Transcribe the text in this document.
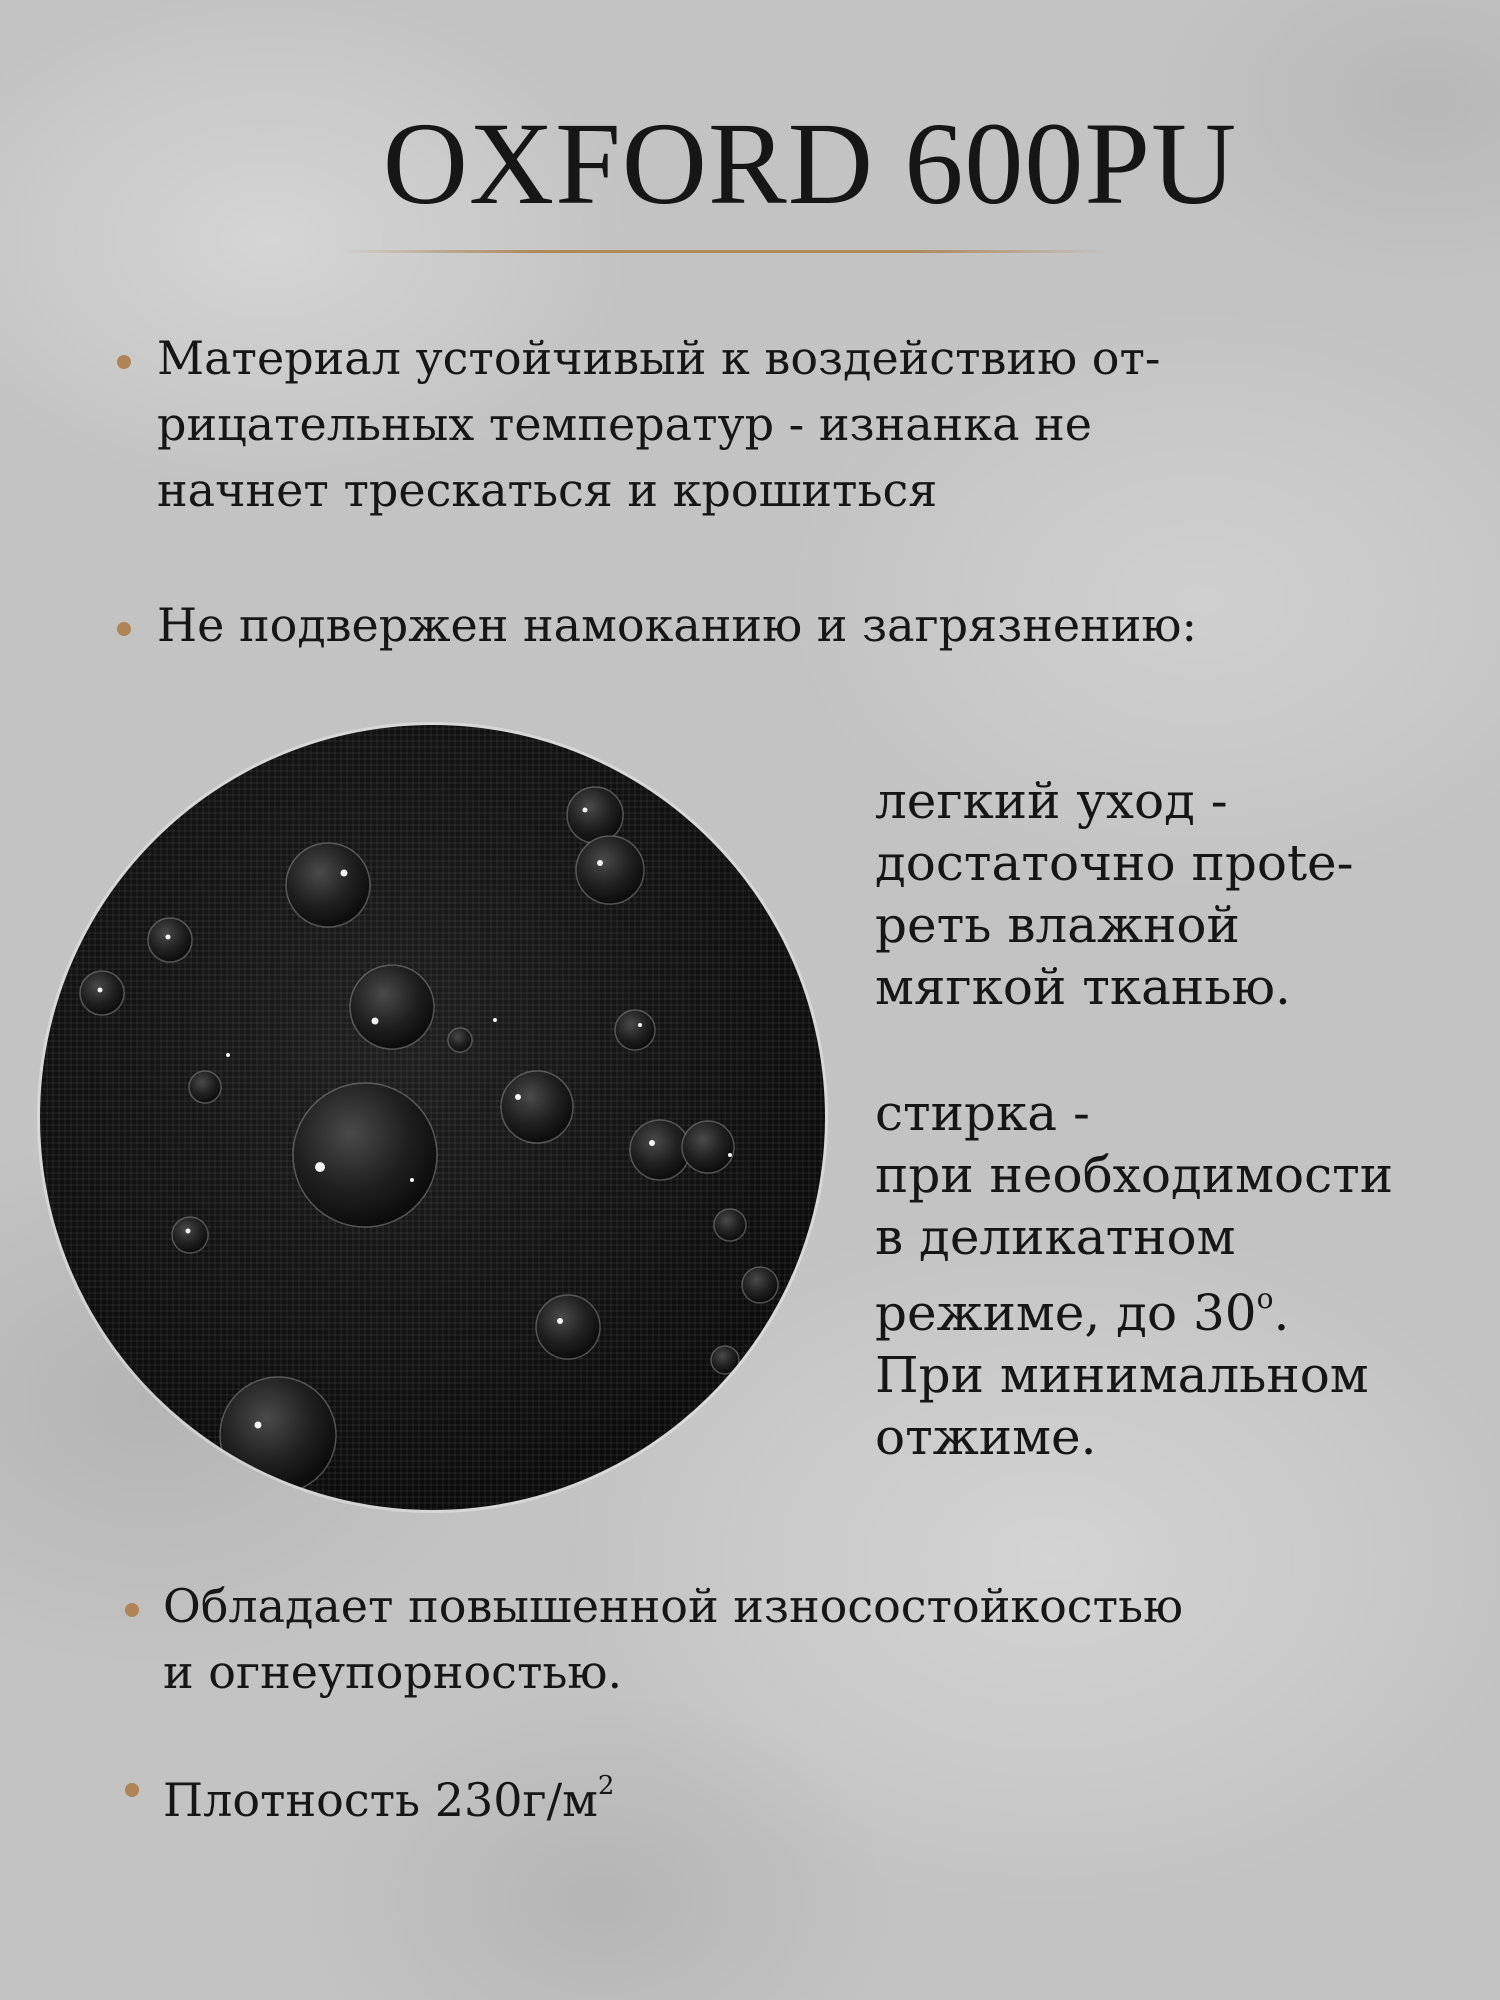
OXFORD 600PU

Материал устойчивый к воздействию от-
рицательных температур - изнанка не
начнет трескаться и крошиться

Не подвержен намоканию и загрязнению:

легкий уход -
достаточно прote-
реть влажной
мягкой тканью.
стирка -
при необходимости
в деликатном
режиме, до $30^о$.
При минимальном
отжиме.

Обладает повышенной износостойкостью
и огнеупорностью.

Плотность $230г/м^2$
